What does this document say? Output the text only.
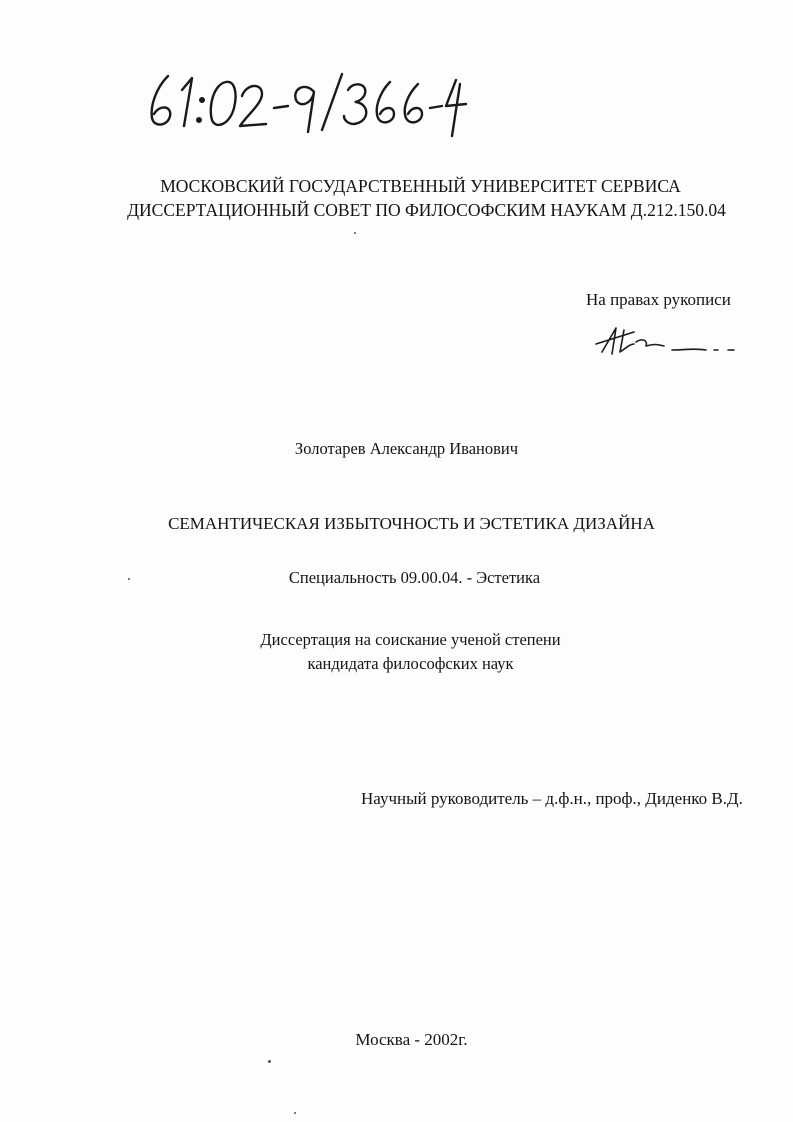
МОСКОВСКИЙ ГОСУДАРСТВЕННЫЙ УНИВЕРСИТЕТ СЕРВИСА
ДИССЕРТАЦИОННЫЙ СОВЕТ ПО ФИЛОСОФСКИМ НАУКАМ Д.212.150.04
На правах рукописи
Золотарев Александр Иванович
СЕМАНТИЧЕСКАЯ ИЗБЫТОЧНОСТЬ И ЭСТЕТИКА ДИЗАЙНА
Специальность 09.00.04. - Эстетика
Диссертация на соискание ученой степени
кандидата философских наук
Научный руководитель – д.ф.н., проф., Диденко В.Д.
Москва - 2002г.
